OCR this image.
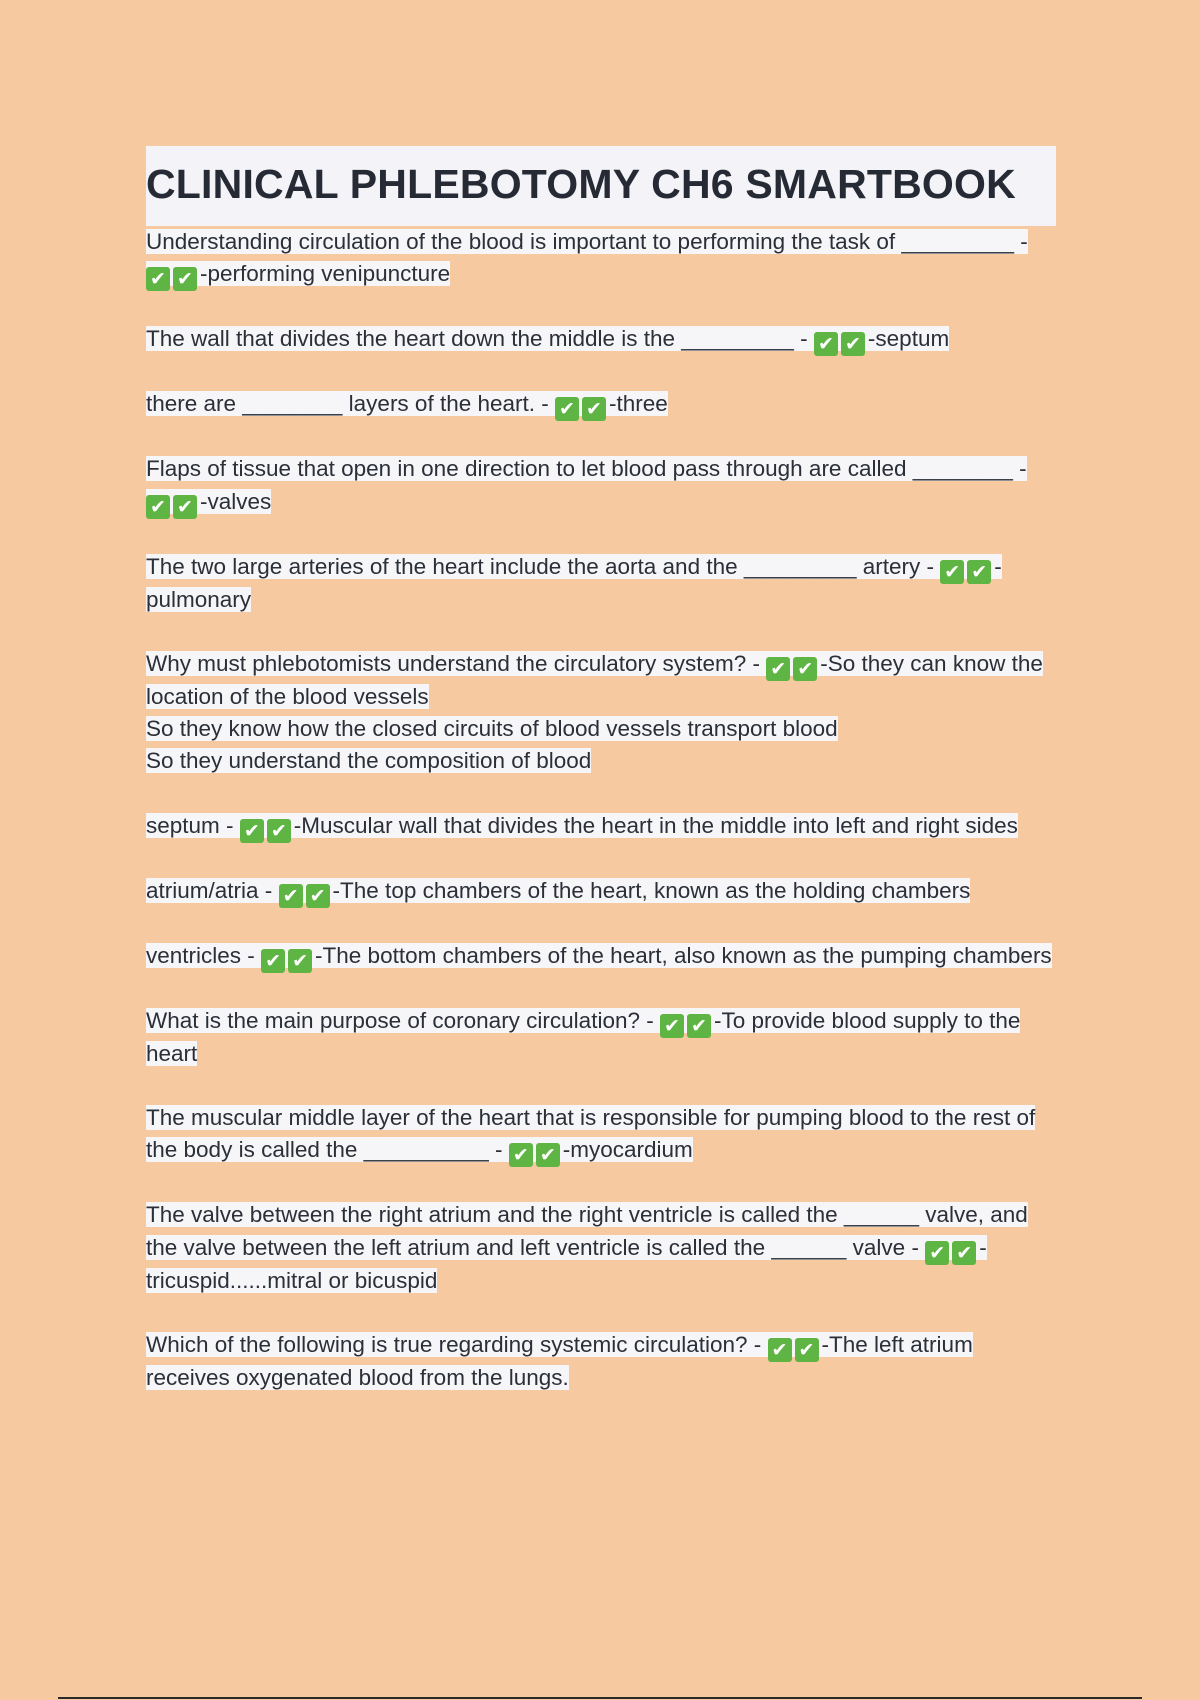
CLINICAL PHLEBOTOMY CH6 SMARTBOOK
Understanding circulation of the blood is important to performing the task of _________ - ✔ ✔ -performing venipuncture
The wall that divides the heart down the middle is the _________ - ✔ ✔ -septum
there are ________ layers of the heart. - ✔ ✔ -three
Flaps of tissue that open in one direction to let blood pass through are called ________ - ✔ ✔ -valves
The two large arteries of the heart include the aorta and the _________ artery - ✔ ✔ -pulmonary
Why must phlebotomists understand the circulatory system? - ✔ ✔ -So they can know the location of the blood vessels
So they know how the closed circuits of blood vessels transport blood
So they understand the composition of blood
septum - ✔ ✔ -Muscular wall that divides the heart in the middle into left and right sides
atrium/atria - ✔ ✔ -The top chambers of the heart, known as the holding chambers
ventricles - ✔ ✔ -The bottom chambers of the heart, also known as the pumping chambers
What is the main purpose of coronary circulation? - ✔ ✔ -To provide blood supply to the heart
The muscular middle layer of the heart that is responsible for pumping blood to the rest of the body is called the __________ - ✔ ✔ -myocardium
The valve between the right atrium and the right ventricle is called the ______ valve, and the valve between the left atrium and left ventricle is called the ______ valve - ✔ ✔ -tricuspid......mitral or bicuspid
Which of the following is true regarding systemic circulation? - ✔ ✔ -The left atrium receives oxygenated blood from the lungs.
